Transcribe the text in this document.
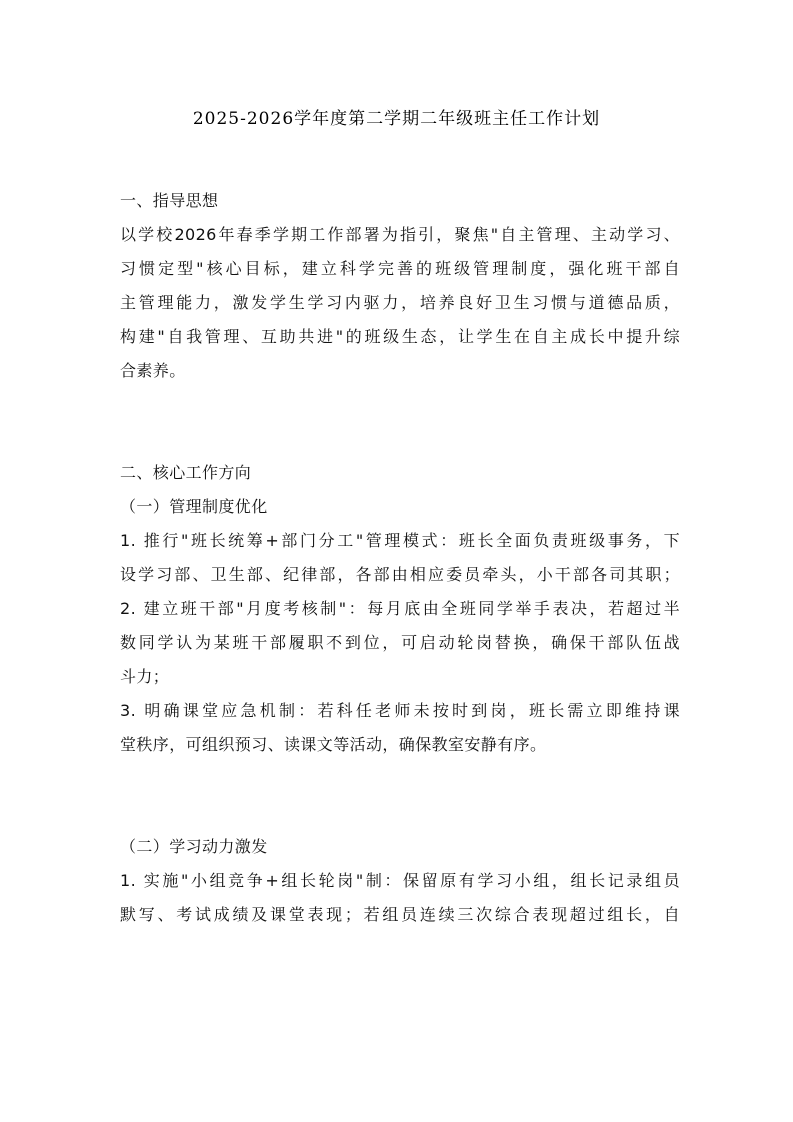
2025-2026学年度第二学期二年级班主任工作计划
一、指导思想
以学校2026年春季学期工作部署为指引，聚焦"自主管理、主动学习、
习惯定型"核心目标，建立科学完善的班级管理制度，强化班干部自
主管理能力，激发学生学习内驱力，培养良好卫生习惯与道德品质，
构建"自我管理、互助共进"的班级生态，让学生在自主成长中提升综
合素养。
二、核心工作方向
（一）管理制度优化
1. 推行"班长统筹+部门分工"管理模式：班长全面负责班级事务，下
设学习部、卫生部、纪律部，各部由相应委员牵头，小干部各司其职；
2. 建立班干部"月度考核制"：每月底由全班同学举手表决，若超过半
数同学认为某班干部履职不到位，可启动轮岗替换，确保干部队伍战
斗力；
3. 明确课堂应急机制：若科任老师未按时到岗，班长需立即维持课
堂秩序，可组织预习、读课文等活动，确保教室安静有序。
（二）学习动力激发
1. 实施"小组竞争+组长轮岗"制：保留原有学习小组，组长记录组员
默写、考试成绩及课堂表现；若组员连续三次综合表现超过组长，自
